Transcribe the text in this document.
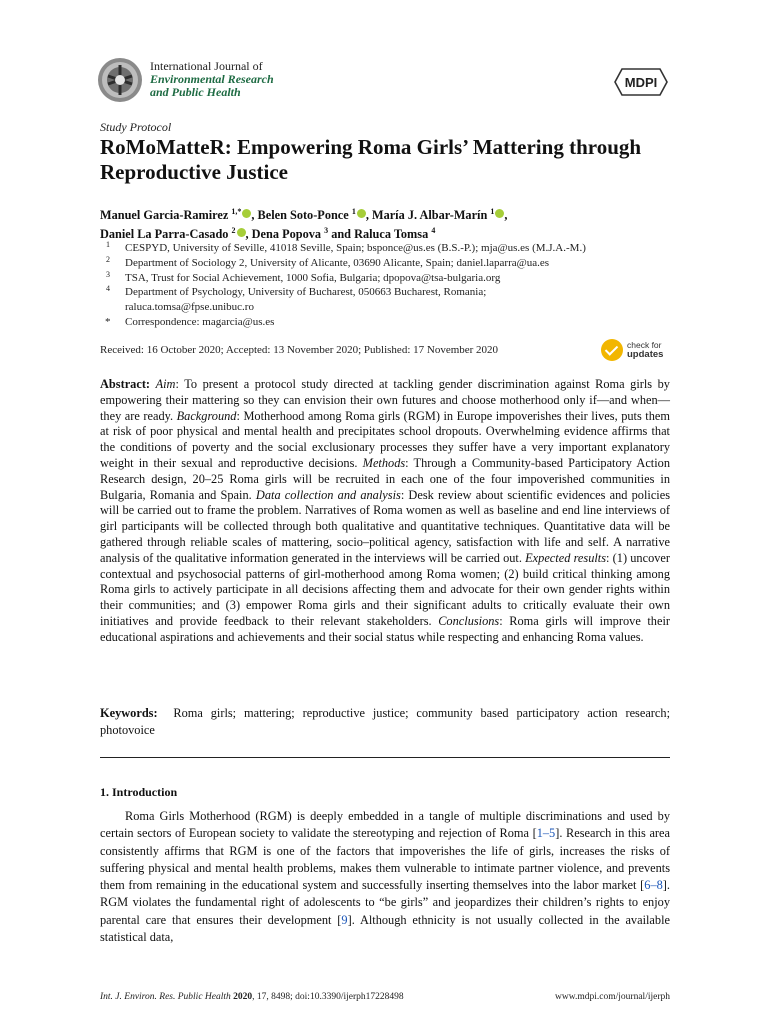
International Journal of
Environmental Research
and Public Health
MDPI
Study Protocol
RoMoMatteR: Empowering Roma Girls’ Mattering through Reproductive Justice
Manuel Garcia-Ramirez $^{1,*}$ , Belen Soto-Ponce $^1$ , María J. Albar-Marín $^1$ ,
Daniel La Parra-Casado $^2$ , Dena Popova $^3$ and Raluca Tomsa $^4$
1 CESPYD, University of Seville, 41018 Seville, Spain; bsponce@us.es (B.S.-P.); mja@us.es (M.J.A.-M.)
2 Department of Sociology 2, University of Alicante, 03690 Alicante, Spain; daniel.laparra@ua.es
3 TSA, Trust for Social Achievement, 1000 Sofia, Bulgaria; dpopova@tsa-bulgaria.org
4 Department of Psychology, University of Bucharest, 050663 Bucharest, Romania;
raluca.tomsa@fpse.unibuc.ro
* Correspondence: magarcia@us.es
Received: 16 October 2020; Accepted: 13 November 2020; Published: 17 November 2020	check for
updates
Abstract: Aim: To present a protocol study directed at tackling gender discrimination against Roma girls by empowering their mattering so they can envision their own futures and choose motherhood only if—and when—they are ready. Background: Motherhood among Roma girls (RGM) in Europe impoverishes their lives, puts them at risk of poor physical and mental health and precipitates school dropouts. Overwhelming evidence affirms that the conditions of poverty and the social exclusionary processes they suffer have a very important explanatory weight in their sexual and reproductive decisions. Methods: Through a Community-based Participatory Action Research design, 20–25 Roma girls will be recruited in each one of the four impoverished communities in Bulgaria, Romania and Spain. Data collection and analysis: Desk review about scientific evidences and policies will be carried out to frame the problem. Narratives of Roma women as well as baseline and end line interviews of girl participants will be collected through both qualitative and quantitative techniques. Quantitative data will be gathered through reliable scales of mattering, socio–political agency, satisfaction with life and self. A narrative analysis of the qualitative information generated in the interviews will be carried out. Expected results: (1) uncover contextual and psychosocial patterns of girl-motherhood among Roma women; (2) build critical thinking among Roma girls to actively participate in all decisions affecting them and advocate for their own gender rights within their communities; and (3) empower Roma girls and their significant adults to critically evaluate their own initiatives and provide feedback to their relevant stakeholders. Conclusions: Roma girls will improve their educational aspirations and achievements and their social status while respecting and enhancing Roma values.
Keywords: Roma girls; mattering; reproductive justice; community based participatory action research; photovoice
1. Introduction
Roma Girls Motherhood (RGM) is deeply embedded in a tangle of multiple discriminations and used by certain sectors of European society to validate the stereotyping and rejection of Roma [1–5]. Research in this area consistently affirms that RGM is one of the factors that impoverishes the life of girls, increases the risks of suffering physical and mental health problems, makes them vulnerable to intimate partner violence, and prevents them from remaining in the educational system and successfully inserting themselves into the labor market [6–8]. RGM violates the fundamental right of adolescents to “be girls” and jeopardizes their children’s rights to enjoy parental care that ensures their development [9]. Although ethnicity is not usually collected in the available statistical data,
Int. J. Environ. Res. Public Health 2020, 17, 8498; doi:10.3390/ijerph17228498	www.mdpi.com/journal/ijerph
